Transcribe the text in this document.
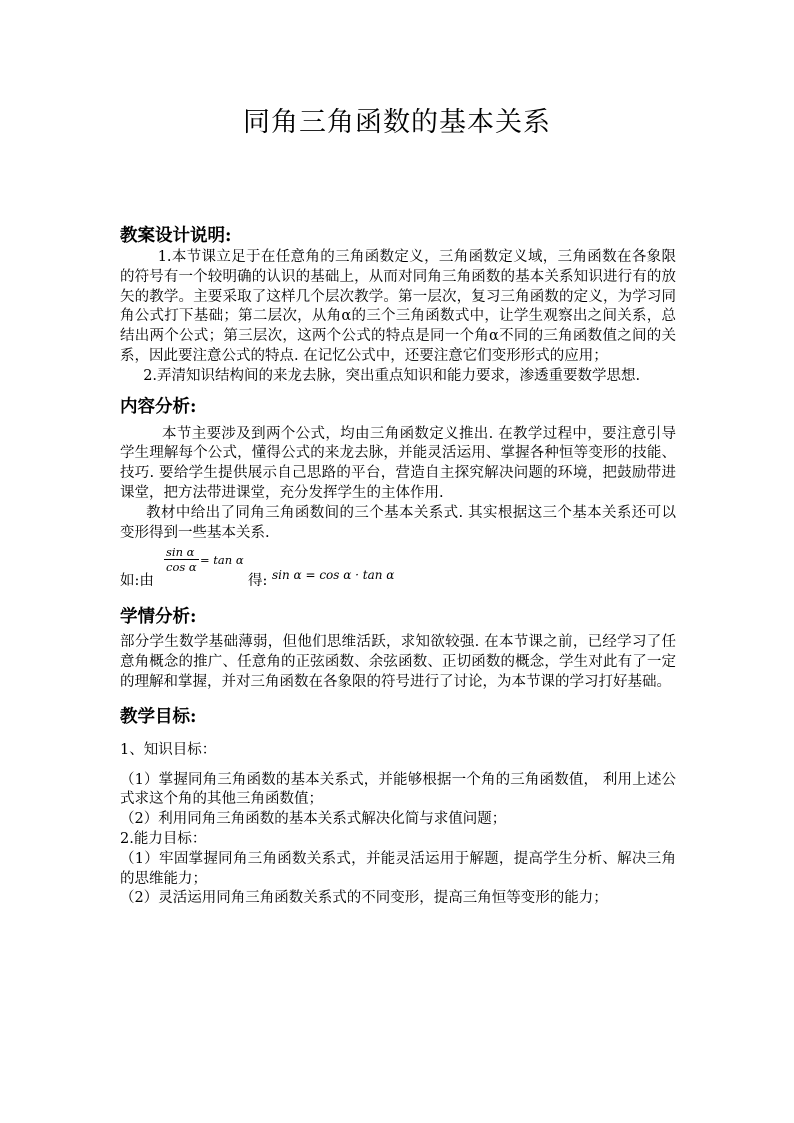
同角三角函数的基本关系

教案设计说明:

1.本节课立足于在任意角的三角函数定义，三角函数定义域，三角函数在各象限的符号有一个较明确的认识的基础上，从而对同角三角函数的基本关系知识进行有的放矢的教学。主要采取了这样几个层次教学。第一层次，复习三角函数的定义，为学习同角公式打下基础；第二层次，从角α的三个三角函数式中，让学生观察出之间关系，总结出两个公式；第三层次，这两个公式的特点是同一个角α不同的三角函数值之间的关系，因此要注意公式的特点. 在记忆公式中，还要注意它们变形形式的应用；

2.弄清知识结构间的来龙去脉，突出重点知识和能力要求，渗透重要数学思想.

内容分析:

本节主要涉及到两个公式，均由三角函数定义推出. 在教学过程中，要注意引导学生理解每个公式，懂得公式的来龙去脉，并能灵活运用、掌握各种恒等变形的技能、技巧. 要给学生提供展示自己思路的平台，营造自主探究解决问题的环境，把鼓励带进课堂，把方法带进课堂，充分发挥学生的主体作用.

教材中给出了同角三角函数间的三个基本关系式. 其实根据这三个基本关系还可以变形得到一些基本关系.

如:由
$\frac{\text{sin α}}{\text{cos α}} = \tan \alpha$
得: sin α = cos α · tan α

学情分析:

部分学生数学基础薄弱，但他们思维活跃，求知欲较强. 在本节课之前，已经学习了任意角概念的推广、任意角的正弦函数、余弦函数、正切函数的概念，学生对此有了一定的理解和掌握，并对三角函数在各象限的符号进行了讨论，为本节课的学习打好基础。

教学目标:

1、知识目标：

（1）掌握同角三角函数的基本关系式，并能够根据一个角的三角函数值， 利用上述公式求这个角的其他三角函数值；

（2）利用同角三角函数的基本关系式解决化简与求值问题；

2.能力目标：

（1）牢固掌握同角三角函数关系式，并能灵活运用于解题，提高学生分析、解决三角的思维能力；

（2）灵活运用同角三角函数关系式的不同变形，提高三角恒等变形的能力；
